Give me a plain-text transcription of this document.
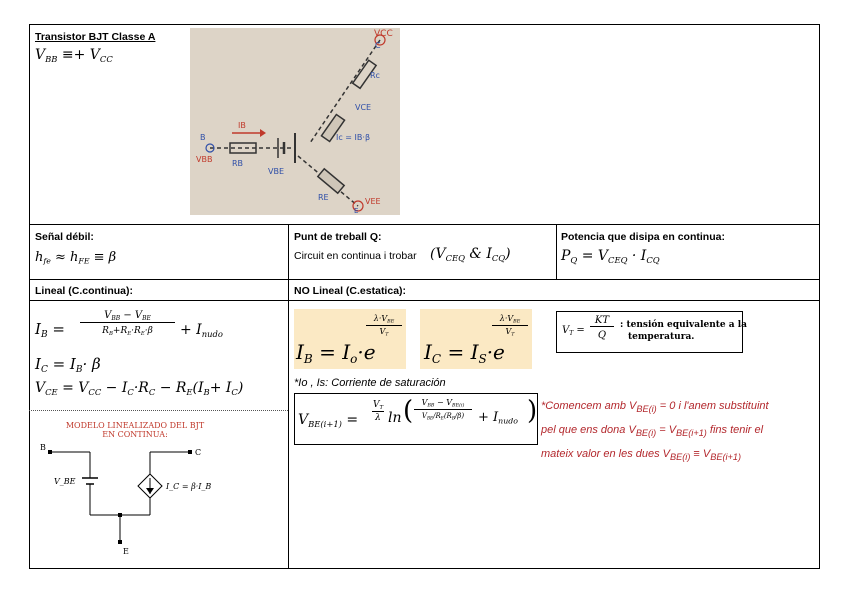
Transistor BJT Classe A
$V_{BB} \equiv+ V_{CC}$
VCC
C
Rc
VCE
Ic = IB·β
B
IB
VBB RB
VBE
RE
E
VEE
Señal débil:
$h_{fe} \approx h_{FE} \equiv \beta$
Punt de treball Q:
Circuit en continua i trobar ($V_{CEQ}$ & $I_{CQ}$)
Potencia que disipa en continua:
$P_Q = V_{CEQ} \cdot I_{CQ}$
Lineal (C.continua):	NO Lineal (C.estatica):
$I_B$ =
$V_{BB} - V_{BE}$
$R_B+R_E\cdot R_E\cdot\beta$	+ $I_{nudo}$
$I_C = I_B\cdot \beta$
$V_{CE} = V_{CC} - I_C\cdot R_C - R_E(I_B+ I_C)$
MODELO LINEALIZADO DEL BJT
EN CONTINUA:
B
C
E
V_BE
I_C = β·I_B
$I_B = I_o\cdot e$
$\lambda\cdot V_{BE}$
$V_T$
$I_C = I_S\cdot e$
$\lambda\cdot V_{BE}$
$V_T$	$V_T$ =
KT
Q
: tensión equivalente a la
temperatura.
*Io , Is: Corriente de saturación
$V_{BE(i+1)}$ =
$V_T$
λ ln (	$V_{BB} - V_{BE(i)}$
$V_{BE}/R_E(R_B/\beta)$	+ $I_{nudo}$ ) *Comencem amb $V_{BE(i)} = 0$ i l'anem substituint
pel que ens dona $V_{BE(i)} = V_{BE(i+1)}$ fins tenir el
mateix valor en les dues $V_{BE(i)} \equiv V_{BE(i+1)}$
